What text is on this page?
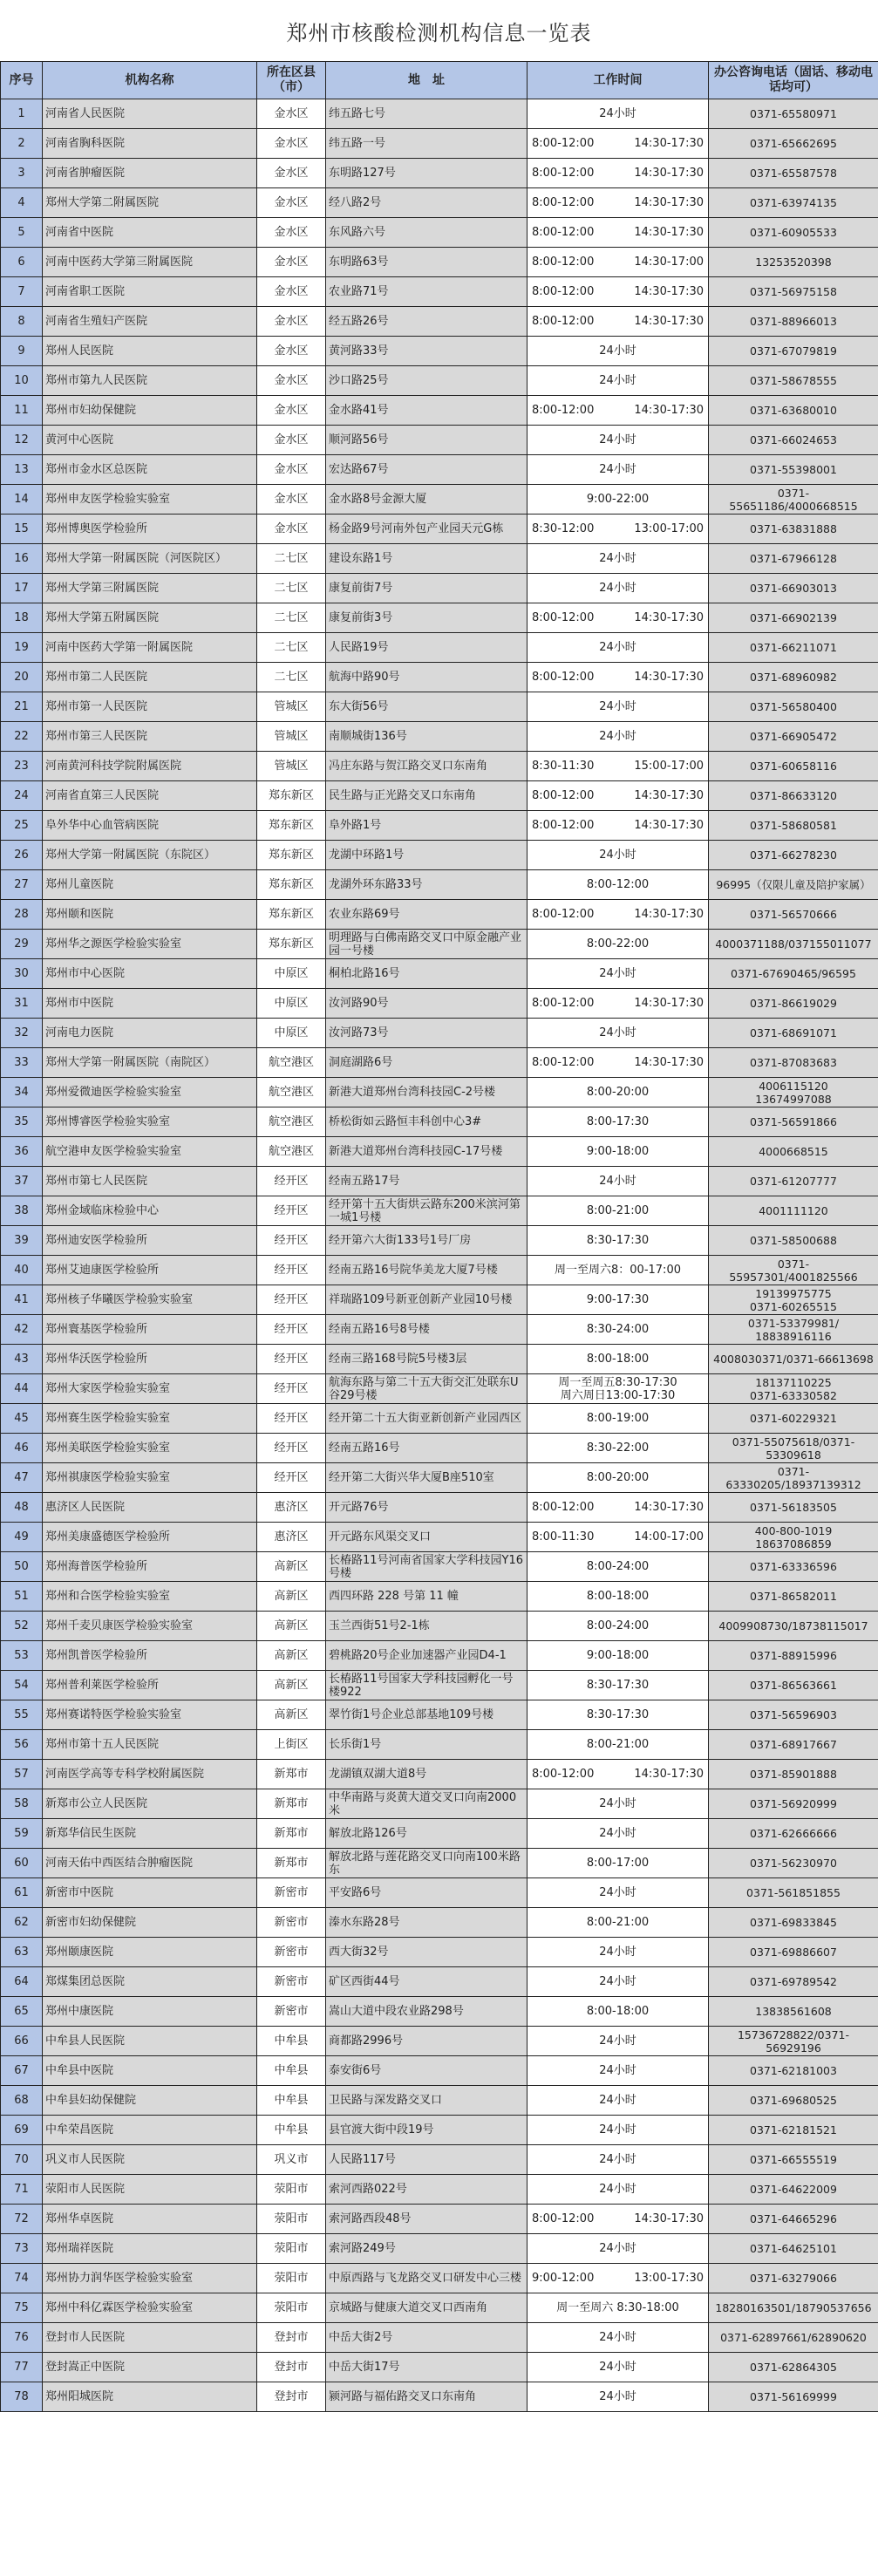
郑州市核酸检测机构信息一览表
序号	机构名称	所在区县（市）	地　址	工作时间	办公咨询电话（固话、移动电话均可）
1	河南省人民医院	金水区	纬五路七号	24小时	0371-65580971
2	河南省胸科医院	金水区	纬五路一号	8:00-12:00 14:30-17:30	0371-65662695
3	河南省肿瘤医院	金水区	东明路127号	8:00-12:00 14:30-17:30	0371-65587578
4	郑州大学第二附属医院	金水区	经八路2号	8:00-12:00 14:30-17:30	0371-63974135
5	河南省中医院	金水区	东风路六号	8:00-12:00 14:30-17:30	0371-60905533
6	河南中医药大学第三附属医院	金水区	东明路63号	8:00-12:00 14:30-17:00	13253520398
7	河南省职工医院	金水区	农业路71号	8:00-12:00 14:30-17:30	0371-56975158
8	河南省生殖妇产医院	金水区	经五路26号	8:00-12:00 14:30-17:30	0371-88966013
9	郑州人民医院	金水区	黄河路33号	24小时	0371-67079819
10	郑州市第九人民医院	金水区	沙口路25号	24小时	0371-58678555
11	郑州市妇幼保健院	金水区	金水路41号	8:00-12:00 14:30-17:30	0371-63680010
12	黄河中心医院	金水区	顺河路56号	24小时	0371-66024653
13	郑州市金水区总医院	金水区	宏达路67号	24小时	0371-55398001
14	郑州申友医学检验实验室	金水区	金水路8号金源大厦	9:00-22:00	0371-
55651186/4000668515
15	郑州博奥医学检验所	金水区	杨金路9号河南外包产业园天元G栋	8:30-12:00 13:00-17:00	0371-63831888
16	郑州大学第一附属医院（河医院区）	二七区	建设东路1号	24小时	0371-67966128
17	郑州大学第三附属医院	二七区	康复前街7号	24小时	0371-66903013
18	郑州大学第五附属医院	二七区	康复前街3号	8:00-12:00 14:30-17:30	0371-66902139
19	河南中医药大学第一附属医院	二七区	人民路19号	24小时	0371-66211071
20	郑州市第二人民医院	二七区	航海中路90号	8:00-12:00 14:30-17:30	0371-68960982
21	郑州市第一人民医院	管城区	东大街56号	24小时	0371-56580400
22	郑州市第三人民医院	管城区	南顺城街136号	24小时	0371-66905472
23	河南黄河科技学院附属医院	管城区	冯庄东路与贺江路交叉口东南角	8:30-11:30 15:00-17:00	0371-60658116
24	河南省直第三人民医院	郑东新区	民生路与正光路交叉口东南角	8:00-12:00 14:30-17:30	0371-86633120
25	阜外华中心血管病医院	郑东新区	阜外路1号	8:00-12:00 14:30-17:30	0371-58680581
26	郑州大学第一附属医院（东院区）	郑东新区	龙湖中环路1号	24小时	0371-66278230
27	郑州儿童医院	郑东新区	龙湖外环东路33号	8:00-12:00	96995（仅限儿童及陪护家属）
28	郑州颐和医院	郑东新区	农业东路69号	8:00-12:00 14:30-17:30	0371-56570666
29	郑州华之源医学检验实验室	郑东新区	明理路与白佛南路交叉口中原金融产业园一号楼	8:00-22:00	4000371188/037155011077
30	郑州市中心医院	中原区	桐柏北路16号	24小时	0371-67690465/96595
31	郑州市中医院	中原区	汝河路90号	8:00-12:00 14:30-17:30	0371-86619029
32	河南电力医院	中原区	汝河路73号	24小时	0371-68691071
33	郑州大学第一附属医院（南院区）	航空港区	洞庭湖路6号	8:00-12:00 14:30-17:30	0371-87083683
34	郑州爱微迪医学检验实验室	航空港区	新港大道郑州台湾科技园C-2号楼	8:00-20:00	4006115120
13674997088
35	郑州博睿医学检验实验室	航空港区	桥松街如云路恒丰科创中心3#	8:00-17:30	0371-56591866
36	航空港申友医学检验实验室	航空港区	新港大道郑州台湾科技园C-17号楼	9:00-18:00	4000668515
37	郑州市第七人民医院	经开区	经南五路17号	24小时	0371-61207777
38	郑州金域临床检验中心	经开区	经开第十五大街烘云路东200米滨河第一城1号楼	8:00-21:00	4001111120
39	郑州迪安医学检验所	经开区	经开第六大街133号1号厂房	8:30-17:30	0371-58500688
40	郑州艾迪康医学检验所	经开区	经南五路16号院华美龙大厦7号楼	周一至周六8：00-17:00	0371-
55957301/4001825566
41	郑州核子华曦医学检验实验室	经开区	祥瑞路109号新亚创新产业园10号楼	9:00-17:30	19139975775
0371-60265515
42	郑州寰基医学检验所	经开区	经南五路16号8号楼	8:30-24:00	0371-53379981/
18838916116
43	郑州华沃医学检验所	经开区	经南三路168号院5号楼3层	8:00-18:00	4008030371/0371-66613698
44	郑州大家医学检验实验室	经开区	航海东路与第二十五大街交汇处联东U谷29号楼	周一至周五8:30-17:30
周六周日13:00-17:30	18137110225
0371-63330582
45	郑州赛生医学检验实验室	经开区	经开第二十五大街亚新创新产业园西区	8:00-19:00	0371-60229321
46	郑州美联医学检验实验室	经开区	经南五路16号	8:30-22:00	0371-55075618/0371-
53309618
47	郑州祺康医学检验实验室	经开区	经开第二大街兴华大厦B座510室	8:00-20:00	0371-
63330205/18937139312
48	惠济区人民医院	惠济区	开元路76号	8:00-12:00 14:30-17:30	0371-56183505
49	郑州美康盛德医学检验所	惠济区	开元路东风渠交叉口	8:00-11:30 14:00-17:00	400-800-1019
18637086859
50	郑州海普医学检验所	高新区	长椿路11号河南省国家大学科技园Y16号楼	8:00-24:00	0371-63336596
51	郑州和合医学检验实验室	高新区	西四环路 228 号第 11 幢	8:00-18:00	0371-86582011
52	郑州千麦贝康医学检验实验室	高新区	玉兰西街51号2-1栋	8:00-24:00	4009908730/18738115017
53	郑州凯普医学检验所	高新区	碧桃路20号企业加速器产业园D4-1	9:00-18:00	0371-88915996
54	郑州普利莱医学检验所	高新区	长椿路11号国家大学科技园孵化一号楼922	8:30-17:30	0371-86563661
55	郑州赛诺特医学检验实验室	高新区	翠竹街1号企业总部基地109号楼	8:30-17:30	0371-56596903
56	郑州市第十五人民医院	上街区	长乐街1号	8:00-21:00	0371-68917667
57	河南医学高等专科学校附属医院	新郑市	龙湖镇双湖大道8号	8:00-12:00 14:30-17:30	0371-85901888
58	新郑市公立人民医院	新郑市	中华南路与炎黄大道交叉口向南2000米	24小时	0371-56920999
59	新郑华信民生医院	新郑市	解放北路126号	24小时	0371-62666666
60	河南天佑中西医结合肿瘤医院	新郑市	解放北路与莲花路交叉口向南100米路东	8:00-17:00	0371-56230970
61	新密市中医院	新密市	平安路6号	24小时	0371-561851855
62	新密市妇幼保健院	新密市	溱水东路28号	8:00-21:00	0371-69833845
63	郑州颐康医院	新密市	西大街32号	24小时	0371-69886607
64	郑煤集团总医院	新密市	矿区西街44号	24小时	0371-69789542
65	郑州中康医院	新密市	嵩山大道中段农业路298号	8:00-18:00	13838561608
66	中牟县人民医院	中牟县	商都路2996号	24小时	15736728822/0371-
56929196
67	中牟县中医院	中牟县	泰安街6号	24小时	0371-62181003
68	中牟县妇幼保健院	中牟县	卫民路与深发路交叉口	24小时	0371-69680525
69	中牟荣昌医院	中牟县	县官渡大街中段19号	24小时	0371-62181521
70	巩义市人民医院	巩义市	人民路117号	24小时	0371-66555519
71	荥阳市人民医院	荥阳市	索河西路022号	24小时	0371-64622009
72	郑州华卓医院	荥阳市	索河路西段48号	8:00-12:00 14:30-17:30	0371-64665296
73	郑州瑞祥医院	荥阳市	索河路249号	24小时	0371-64625101
74	郑州协力润华医学检验实验室	荥阳市	中原西路与飞龙路交叉口研发中心三楼	9:00-12:00 13:00-17:30	0371-63279066
75	郑州中科亿霖医学检验实验室	荥阳市	京城路与健康大道交叉口西南角	周一至周六 8:30-18:00	18280163501/18790537656
76	登封市人民医院	登封市	中岳大街2号	24小时	0371-62897661/62890620
77	登封嵩正中医院	登封市	中岳大街17号	24小时	0371-62864305
78	郑州阳城医院	登封市	颍河路与福佑路交叉口东南角	24小时	0371-56169999
